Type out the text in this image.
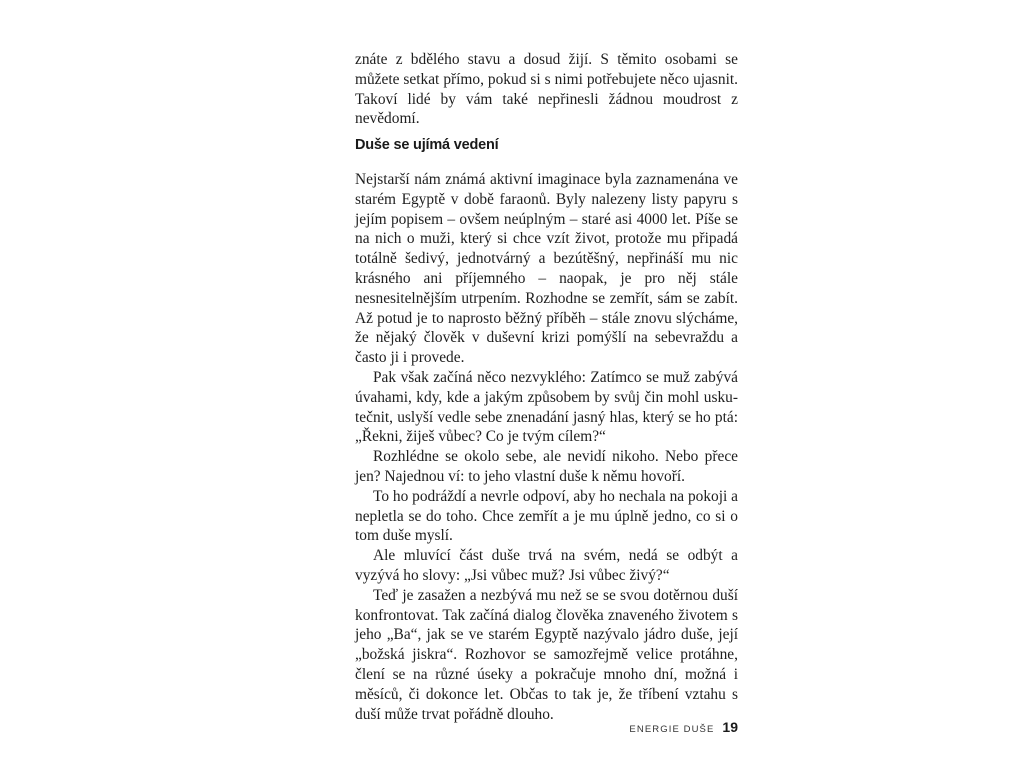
znáte z bdělého stavu a dosud žijí. S těmito osobami se můžete setkat přímo, pokud si s nimi potřebujete něco ujasnit. Takoví lidé by vám také nepřinesli žádnou moudrost z nevědomí.

Duše se ujímá vedení

Nejstarší nám známá aktivní imaginace byla zaznamenána ve starém Egyptě v době faraonů. Byly nalezeny listy papyru s jejím popisem – ovšem neúplným – staré asi 4000 let. Píše se na nich o muži, který si chce vzít život, protože mu připadá totálně šedivý, jednotvárný a bezútěšný, nepřináší mu nic krásného ani příjemného – naopak, je pro něj stále nesnesitelnějším utrpením. Rozhodne se zemřít, sám se zabít. Až potud je to naprosto běžný příběh – stále znovu slýcháme, že nějaký člověk v duševní krizi pomýšlí na sebevraždu a často ji i provede.

Pak však začíná něco nezvyklého: Zatímco se muž zabývá úvahami, kdy, kde a jakým způsobem by svůj čin mohl uskutečnit, uslyší vedle sebe znenadání jasný hlas, který se ho ptá: „Řekni, žiješ vůbec? Co je tvým cílem?“

Rozhlédne se okolo sebe, ale nevidí nikoho. Nebo přece jen? Najednou ví: to jeho vlastní duše k němu hovoří.

To ho podráždí a nevrle odpoví, aby ho nechala na pokoji a nepletla se do toho. Chce zemřít a je mu úplně jedno, co si o tom duše myslí.

Ale mluvící část duše trvá na svém, nedá se odbýt a vyzývá ho slovy: „Jsi vůbec muž? Jsi vůbec živý?“

Teď je zasažen a nezbývá mu než se se svou dotěrnou duší konfrontovat. Tak začíná dialog člověka znaveného životem s jeho „Ba“, jak se ve starém Egyptě nazývalo jádro duše, její „božská jiskra“. Rozhovor se samozřejmě velice protáhne, člení se na různé úseky a pokračuje mnoho dní, možná i měsíců, či dokonce let. Občas to tak je, že tříbení vztahu s duší může trvat pořádně dlouho.

ENERGIE DUŠE 19
